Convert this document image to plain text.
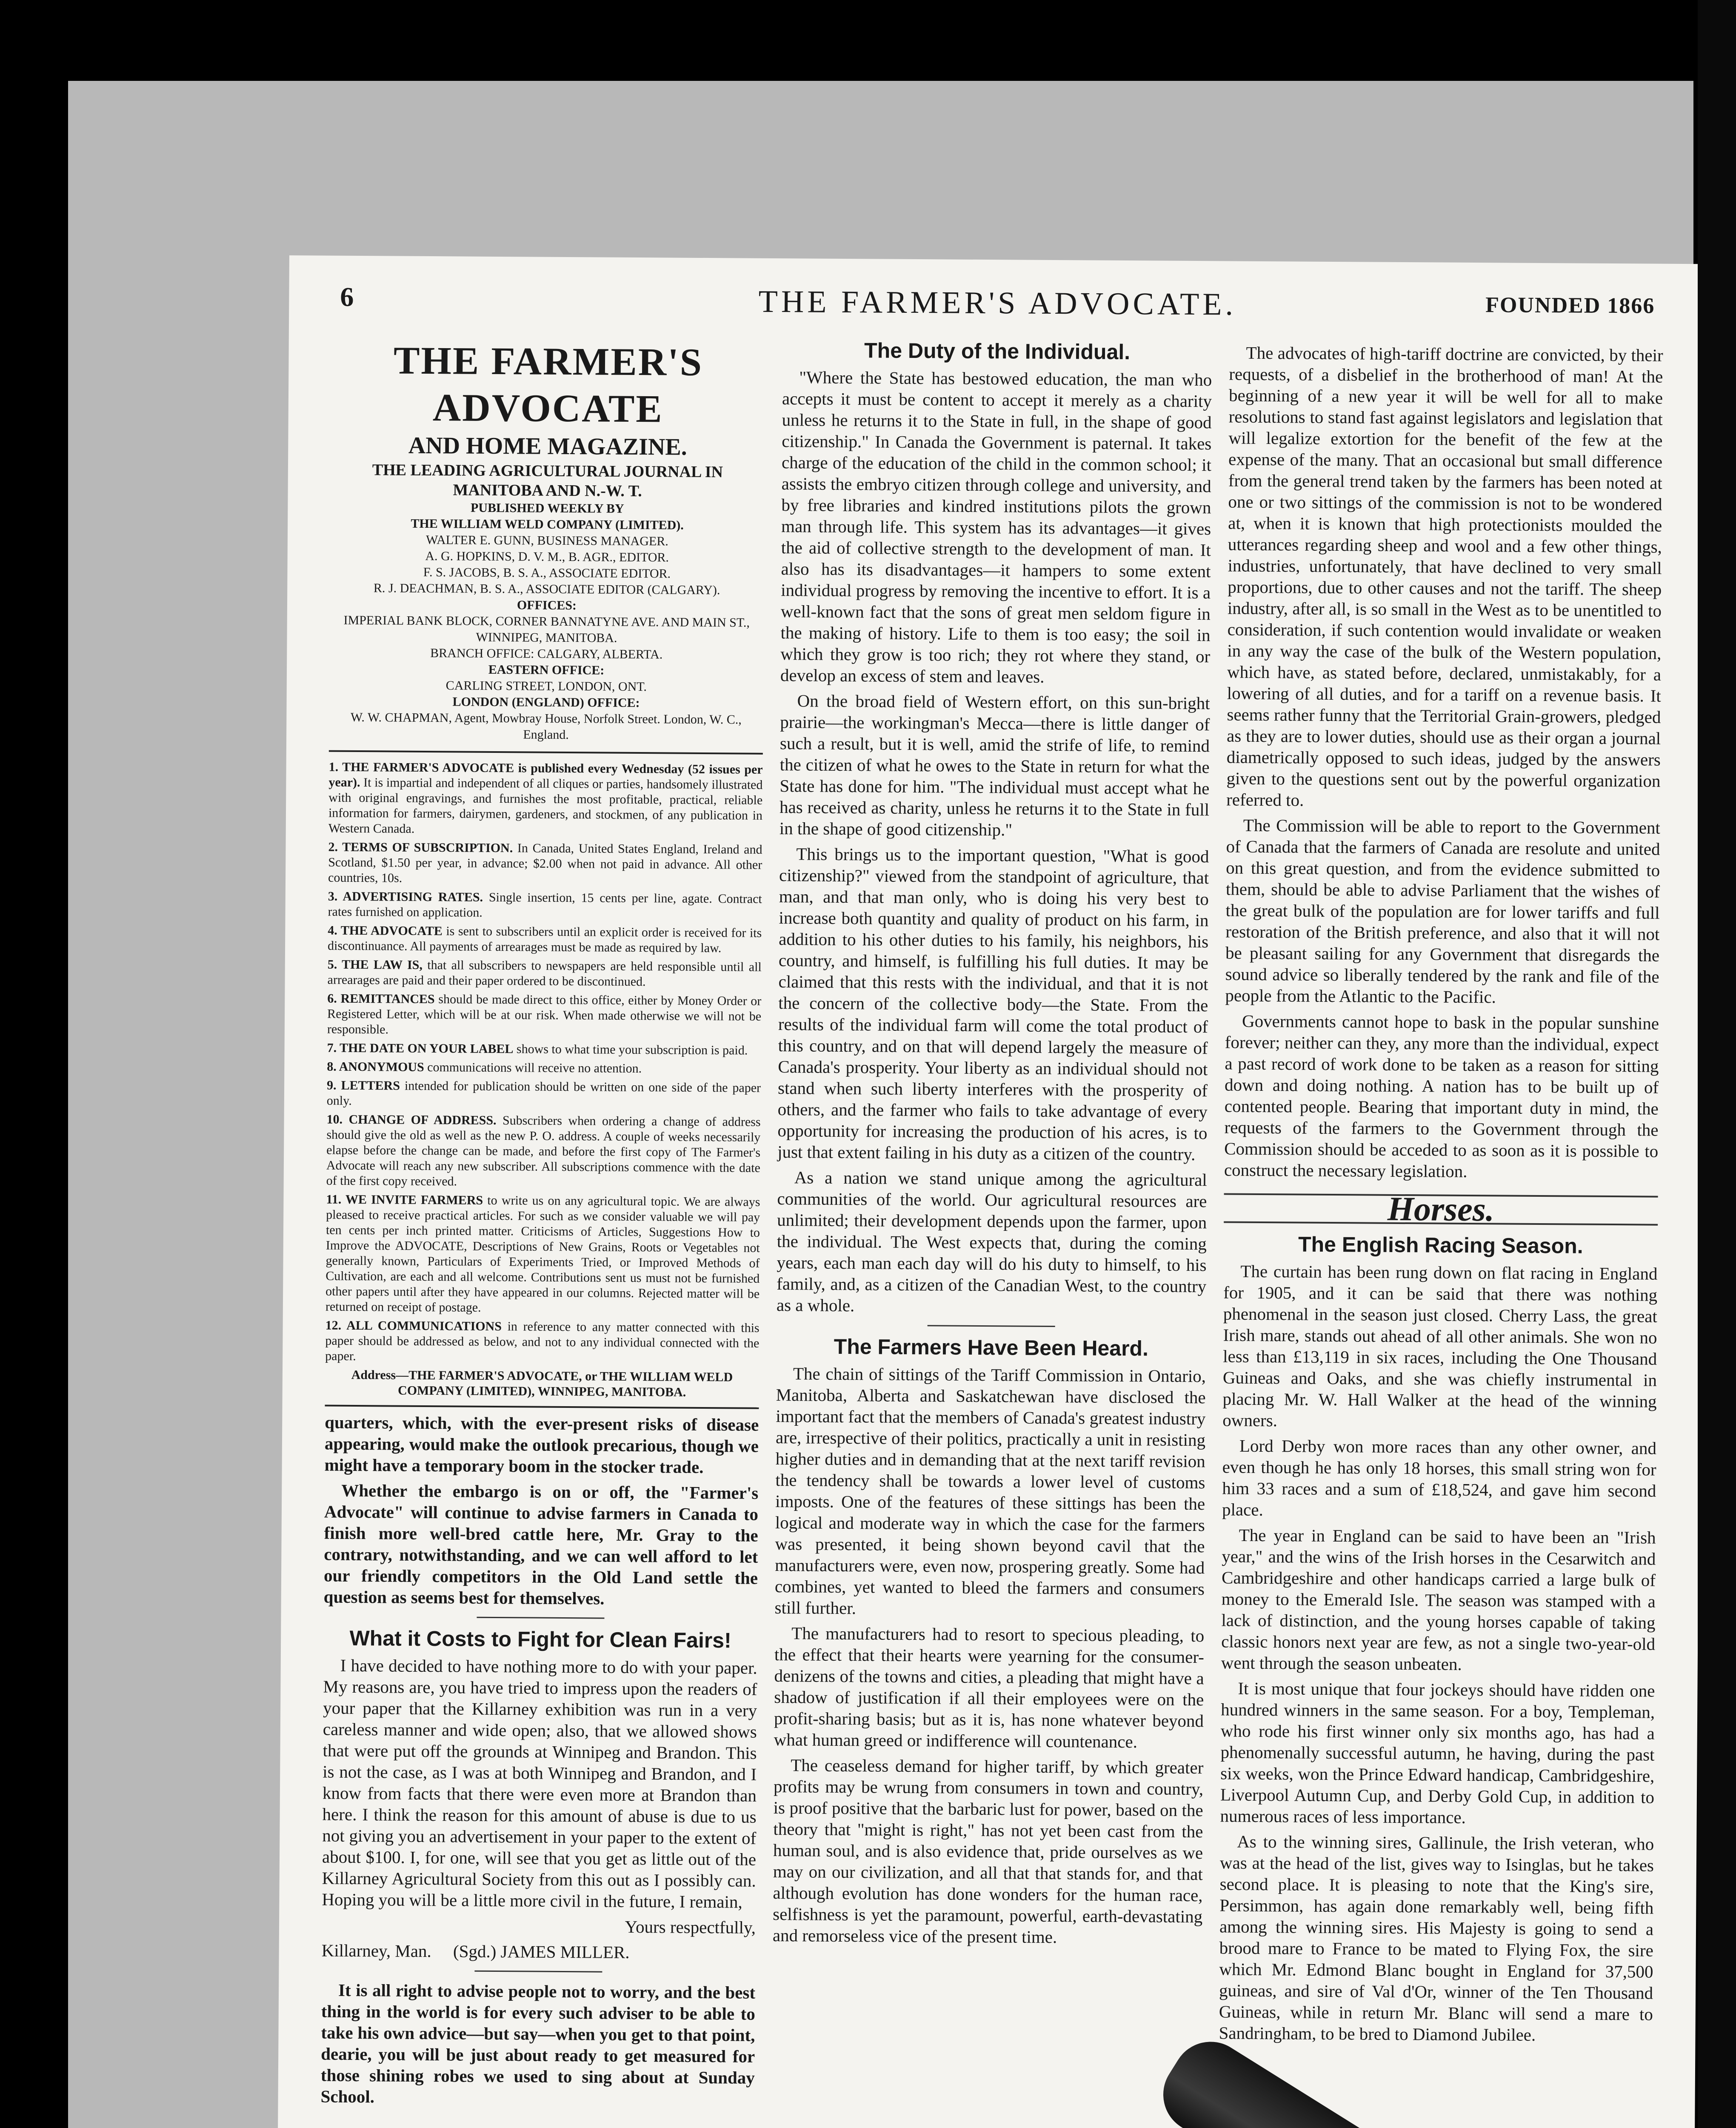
6	THE FARMER'S ADVOCATE.	FOUNDED 1866
THE FARMER'S ADVOCATE
AND HOME MAGAZINE.
THE LEADING AGRICULTURAL JOURNAL IN MANITOBA AND N.-W. T.
PUBLISHED WEEKLY BY
THE WILLIAM WELD COMPANY (LIMITED).
WALTER E. GUNN, BUSINESS MANAGER.
A. G. HOPKINS, D. V. M., B. AGR., EDITOR.
F. S. JACOBS, B. S. A., ASSOCIATE EDITOR.
R. J. DEACHMAN, B. S. A., ASSOCIATE EDITOR (CALGARY).
OFFICES:
IMPERIAL BANK BLOCK, CORNER BANNATYNE AVE. AND MAIN ST., WINNIPEG, MANITOBA.
BRANCH OFFICE: CALGARY, ALBERTA.
EASTERN OFFICE:
CARLING STREET, LONDON, ONT.
LONDON (ENGLAND) OFFICE:
W. W. CHAPMAN, Agent, Mowbray House, Norfolk Street. London, W. C., England.
1. THE FARMER'S ADVOCATE is published every Wednesday (52 issues per year). It is impartial and independent of all cliques or parties, handsomely illustrated with original engravings, and furnishes the most profitable, practical, reliable information for farmers, dairymen, gardeners, and stockmen, of any publication in Western Canada.
2. TERMS OF SUBSCRIPTION. In Canada, United States England, Ireland and Scotland, $1.50 per year, in advance; $2.00 when not paid in advance. All other countries, 10s.
3. ADVERTISING RATES. Single insertion, 15 cents per line, agate. Contract rates furnished on application.
4. THE ADVOCATE is sent to subscribers until an explicit order is received for its discontinuance. All payments of arrearages must be made as required by law.
5. THE LAW IS, that all subscribers to newspapers are held responsible until all arrearages are paid and their paper ordered to be discontinued.
6. REMITTANCES should be made direct to this office, either by Money Order or Registered Letter, which will be at our risk. When made otherwise we will not be responsible.
7. THE DATE ON YOUR LABEL shows to what time your subscription is paid.
8. ANONYMOUS communications will receive no attention.
9. LETTERS intended for publication should be written on one side of the paper only.
10. CHANGE OF ADDRESS. Subscribers when ordering a change of address should give the old as well as the new P. O. address. A couple of weeks necessarily elapse before the change can be made, and before the first copy of The Farmer's Advocate will reach any new subscriber. All subscriptions commence with the date of the first copy received.
11. WE INVITE FARMERS to write us on any agricultural topic. We are always pleased to receive practical articles. For such as we consider valuable we will pay ten cents per inch printed matter. Criticisms of Articles, Suggestions How to Improve the ADVOCATE, Descriptions of New Grains, Roots or Vegetables not generally known, Particulars of Experiments Tried, or Improved Methods of Cultivation, are each and all welcome. Contributions sent us must not be furnished other papers until after they have appeared in our columns. Rejected matter will be returned on receipt of postage.
12. ALL COMMUNICATIONS in reference to any matter connected with this paper should be addressed as below, and not to any individual connected with the paper.
Address—THE FARMER'S ADVOCATE, or THE WILLIAM WELD COMPANY (LIMITED), WINNIPEG, MANITOBA.

quarters, which, with the ever-present risks of disease appearing, would make the outlook precarious, though we might have a temporary boom in the stocker trade.

Whether the embargo is on or off, the "Farmer's Advocate" will continue to advise farmers in Canada to finish more well-bred cattle here, Mr. Gray to the contrary, notwithstanding, and we can well afford to let our friendly competitors in the Old Land settle the question as seems best for themselves.

What it Costs to Fight for Clean Fairs!

I have decided to have nothing more to do with your paper. My reasons are, you have tried to impress upon the readers of your paper that the Killarney exhibition was run in a very careless manner and wide open; also, that we allowed shows that were put off the grounds at Winnipeg and Brandon. This is not the case, as I was at both Winnipeg and Brandon, and I know from facts that there were even more at Brandon than here. I think the reason for this amount of abuse is due to us not giving you an advertisement in your paper to the extent of about $100. I, for one, will see that you get as little out of the Killarney Agricultural Society from this out as I possibly can. Hoping you will be a little more civil in the future, I remain,

Yours respectfully,

Killarney, Man. (Sgd.) JAMES MILLER.

It is all right to advise people not to worry, and the best thing in the world is for every such adviser to be able to take his own advice—but say—when you get to that point, dearie, you will be just about ready to get measured for those shining robes we used to sing about at Sunday School.

The Duty of the Individual.

"Where the State has bestowed education, the man who accepts it must be content to accept it merely as a charity unless he returns it to the State in full, in the shape of good citizenship." In Canada the Government is paternal. It takes charge of the education of the child in the common school; it assists the embryo citizen through college and university, and by free libraries and kindred institutions pilots the grown man through life. This system has its advantages—it gives the aid of collective strength to the development of man. It also has its disadvantages—it hampers to some extent individual progress by removing the incentive to effort. It is a well-known fact that the sons of great men seldom figure in the making of history. Life to them is too easy; the soil in which they grow is too rich; they rot where they stand, or develop an excess of stem and leaves.

On the broad field of Western effort, on this sun-bright prairie—the workingman's Mecca—there is little danger of such a result, but it is well, amid the strife of life, to remind the citizen of what he owes to the State in return for what the State has done for him. "The individual must accept what he has received as charity, unless he returns it to the State in full in the shape of good citizenship."

This brings us to the important question, "What is good citizenship?" viewed from the standpoint of agriculture, that man, and that man only, who is doing his very best to increase both quantity and quality of product on his farm, in addition to his other duties to his family, his neighbors, his country, and himself, is fulfilling his full duties. It may be claimed that this rests with the individual, and that it is not the concern of the collective body—the State. From the results of the individual farm will come the total product of this country, and on that will depend largely the measure of Canada's prosperity. Your liberty as an individual should not stand when such liberty interferes with the prosperity of others, and the farmer who fails to take advantage of every opportunity for increasing the production of his acres, is to just that extent failing in his duty as a citizen of the country.

As a nation we stand unique among the agricultural communities of the world. Our agricultural resources are unlimited; their development depends upon the farmer, upon the individual. The West expects that, during the coming years, each man each day will do his duty to himself, to his family, and, as a citizen of the Canadian West, to the country as a whole.

The Farmers Have Been Heard.

The chain of sittings of the Tariff Commission in Ontario, Manitoba, Alberta and Saskatchewan have disclosed the important fact that the members of Canada's greatest industry are, irrespective of their politics, practically a unit in resisting higher duties and in demanding that at the next tariff revision the tendency shall be towards a lower level of customs imposts. One of the features of these sittings has been the logical and moderate way in which the case for the farmers was presented, it being shown beyond cavil that the manufacturers were, even now, prospering greatly. Some had combines, yet wanted to bleed the farmers and consumers still further.

The manufacturers had to resort to specious pleading, to the effect that their hearts were yearning for the consumer-denizens of the towns and cities, a pleading that might have a shadow of justification if all their employees were on the profit-sharing basis; but as it is, has none whatever beyond what human greed or indifference will countenance.

The ceaseless demand for higher tariff, by which greater profits may be wrung from consumers in town and country, is proof positive that the barbaric lust for power, based on the theory that "might is right," has not yet been cast from the human soul, and is also evidence that, pride ourselves as we may on our civilization, and all that that stands for, and that although evolution has done wonders for the human race, selfishness is yet the paramount, powerful, earth-devastating and remorseless vice of the present time.

The advocates of high-tariff doctrine are convicted, by their requests, of a disbelief in the brotherhood of man! At the beginning of a new year it will be well for all to make resolutions to stand fast against legislators and legislation that will legalize extortion for the benefit of the few at the expense of the many. That an occasional but small difference from the general trend taken by the farmers has been noted at one or two sittings of the commission is not to be wondered at, when it is known that high protectionists moulded the utterances regarding sheep and wool and a few other things, industries, unfortunately, that have declined to very small proportions, due to other causes and not the tariff. The sheep industry, after all, is so small in the West as to be unentitled to consideration, if such contention would invalidate or weaken in any way the case of the bulk of the Western population, which have, as stated before, declared, unmistakably, for a lowering of all duties, and for a tariff on a revenue basis. It seems rather funny that the Territorial Grain-growers, pledged as they are to lower duties, should use as their organ a journal diametrically opposed to such ideas, judged by the answers given to the questions sent out by the powerful organization referred to.

The Commission will be able to report to the Government of Canada that the farmers of Canada are resolute and united on this great question, and from the evidence submitted to them, should be able to advise Parliament that the wishes of the great bulk of the population are for lower tariffs and full restoration of the British preference, and also that it will not be pleasant sailing for any Government that disregards the sound advice so liberally tendered by the rank and file of the people from the Atlantic to the Pacific.

Governments cannot hope to bask in the popular sunshine forever; neither can they, any more than the individual, expect a past record of work done to be taken as a reason for sitting down and doing nothing. A nation has to be built up of contented people. Bearing that important duty in mind, the requests of the farmers to the Government through the Commission should be acceded to as soon as it is possible to construct the necessary legislation.

Horses.
The English Racing Season.

The curtain has been rung down on flat racing in England for 1905, and it can be said that there was nothing phenomenal in the season just closed. Cherry Lass, the great Irish mare, stands out ahead of all other animals. She won no less than £13,119 in six races, including the One Thousand Guineas and Oaks, and she was chiefly instrumental in placing Mr. W. Hall Walker at the head of the winning owners.

Lord Derby won more races than any other owner, and even though he has only 18 horses, this small string won for him 33 races and a sum of £18,524, and gave him second place.

The year in England can be said to have been an "Irish year," and the wins of the Irish horses in the Cesarwitch and Cambridgeshire and other handicaps carried a large bulk of money to the Emerald Isle. The season was stamped with a lack of distinction, and the young horses capable of taking classic honors next year are few, as not a single two-year-old went through the season unbeaten.

It is most unique that four jockeys should have ridden one hundred winners in the same season. For a boy, Templeman, who rode his first winner only six months ago, has had a phenomenally successful autumn, he having, during the past six weeks, won the Prince Edward handicap, Cambridgeshire, Liverpool Autumn Cup, and Derby Gold Cup, in addition to numerous races of less importance.

As to the winning sires, Gallinule, the Irish veteran, who was at the head of the list, gives way to Isinglas, but he takes second place. It is pleasing to note that the King's sire, Persimmon, has again done remarkably well, being fifth among the winning sires. His Majesty is going to send a brood mare to France to be mated to Flying Fox, the sire which Mr. Edmond Blanc bought in England for 37,500 guineas, and sire of Val d'Or, winner of the Ten Thousand Guineas, while in return Mr. Blanc will send a mare to Sandringham, to be bred to Diamond Jubilee.
